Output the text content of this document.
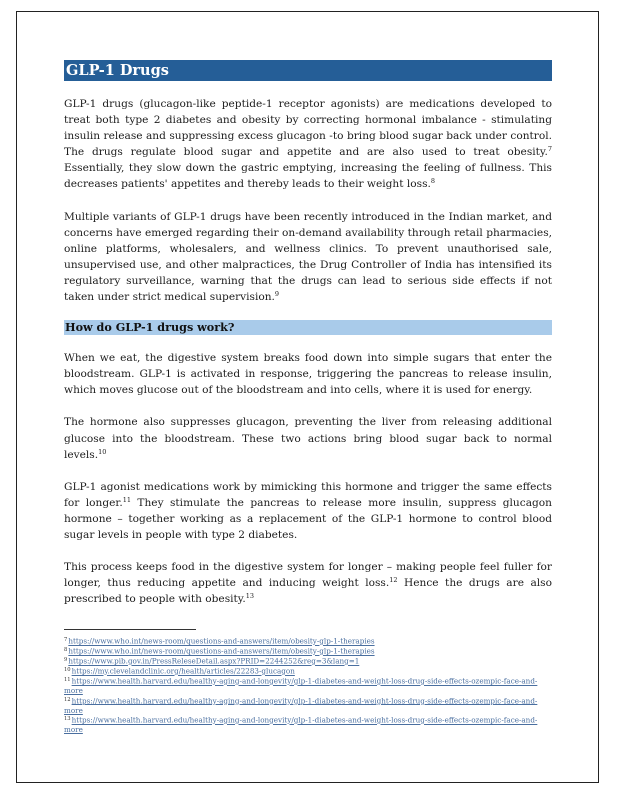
GLP-1 Drugs

GLP-1 drugs (glucagon-like peptide-1 receptor agonists) are medications developed to treat both type 2 diabetes and obesity by correcting hormonal imbalance - stimulating insulin release and suppressing excess glucagon -to bring blood sugar back under control. The drugs regulate blood sugar and appetite and are also used to treat obesity.$^7$ Essentially, they slow down the gastric emptying, increasing the feeling of fullness. This decreases patients' appetites and thereby leads to their weight loss.$^8$

Multiple variants of GLP-1 drugs have been recently introduced in the Indian market, and concerns have emerged regarding their on-demand availability through retail pharmacies, online platforms, wholesalers, and wellness clinics. To prevent unauthorised sale, unsupervised use, and other malpractices, the Drug Controller of India has intensified its regulatory surveillance, warning that the drugs can lead to serious side effects if not taken under strict medical supervision.$^9$

How do GLP-1 drugs work?

When we eat, the digestive system breaks food down into simple sugars that enter the bloodstream. GLP-1 is activated in response, triggering the pancreas to release insulin, which moves glucose out of the bloodstream and into cells, where it is used for energy.

The hormone also suppresses glucagon, preventing the liver from releasing additional glucose into the bloodstream. These two actions bring blood sugar back to normal levels.$^{10}$

GLP-1 agonist medications work by mimicking this hormone and trigger the same effects for longer.$^{11}$ They stimulate the pancreas to release more insulin, suppress glucagon hormone – together working as a replacement of the GLP-1 hormone to control blood sugar levels in people with type 2 diabetes.

This process keeps food in the digestive system for longer – making people feel fuller for longer, thus reducing appetite and inducing weight loss.$^{12}$ Hence the drugs are also prescribed to people with obesity.$^{13}$

$^7$https://www.who.int/news-room/questions-and-answers/item/obesity-glp-1-therapies

$^8$https://www.who.int/news-room/questions-and-answers/item/obesity-glp-1-therapies

$^9$https://www.pib.gov.in/PressReleseDetail.aspx?PRID=2244252&reg=3&lang=1

$^{10}$https://my.clevelandclinic.org/health/articles/22283-glucagon

$^{11}$https://www.health.harvard.edu/healthy-aging-and-longevity/glp-1-diabetes-and-weight-loss-drug-side-effects-ozempic-face-and-more

$^{12}$https://www.health.harvard.edu/healthy-aging-and-longevity/glp-1-diabetes-and-weight-loss-drug-side-effects-ozempic-face-and-more

$^{13}$https://www.health.harvard.edu/healthy-aging-and-longevity/glp-1-diabetes-and-weight-loss-drug-side-effects-ozempic-face-and-more
